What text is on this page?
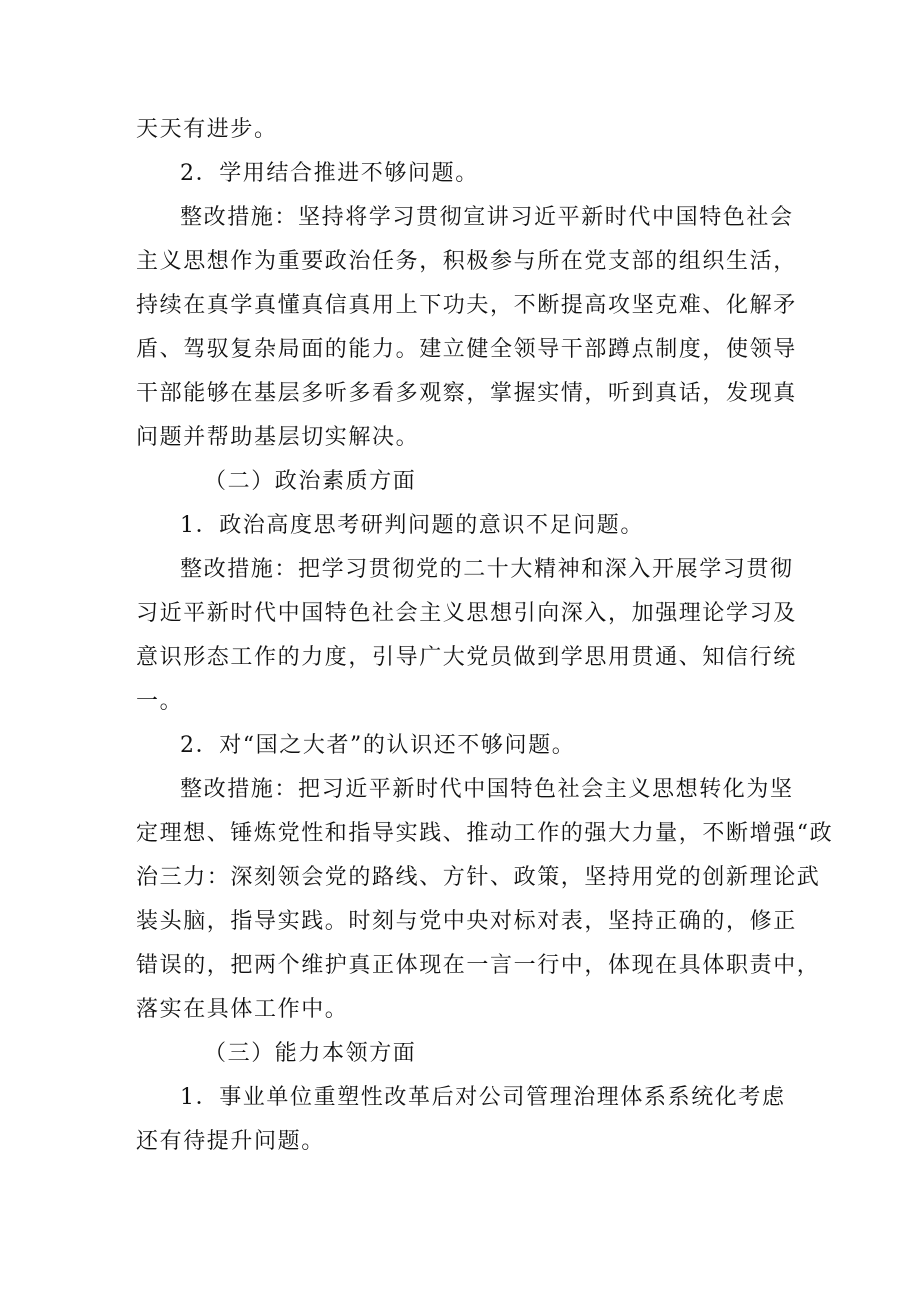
天天有进步。
2．学用结合推进不够问题。
整改措施：坚持将学习贯彻宣讲习近平新时代中国特色社会
主义思想作为重要政治任务，积极参与所在党支部的组织生活，
持续在真学真懂真信真用上下功夫，不断提高攻坚克难、化解矛
盾、驾驭复杂局面的能力。建立健全领导干部蹲点制度，使领导
干部能够在基层多听多看多观察，掌握实情，听到真话，发现真
问题并帮助基层切实解决。
（二）政治素质方面
1．政治高度思考研判问题的意识不足问题。
整改措施：把学习贯彻党的二十大精神和深入开展学习贯彻
习近平新时代中国特色社会主义思想引向深入，加强理论学习及
意识形态工作的力度，引导广大党员做到学思用贯通、知信行统
一。
2．对“国之大者”的认识还不够问题。
整改措施：把习近平新时代中国特色社会主义思想转化为坚
定理想、锤炼党性和指导实践、推动工作的强大力量，不断增强“政
治三力：深刻领会党的路线、方针、政策，坚持用党的创新理论武
装头脑，指导实践。时刻与党中央对标对表，坚持正确的，修正
错误的，把两个维护真正体现在一言一行中，体现在具体职责中，
落实在具体工作中。
（三）能力本领方面
1．事业单位重塑性改革后对公司管理治理体系系统化考虑
还有待提升问题。
